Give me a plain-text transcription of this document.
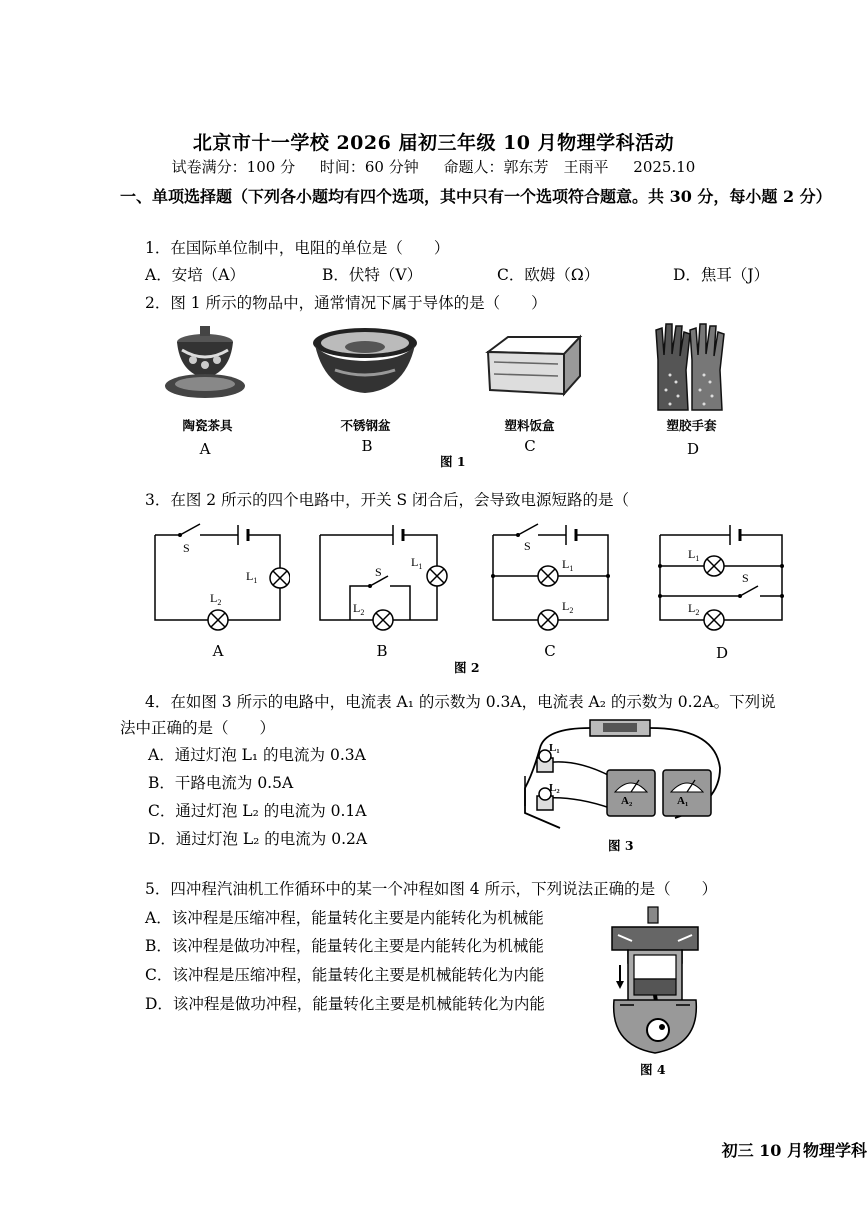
北京市十一学校 2026 届初三年级 10 月物理学科活动
试卷满分：100 分 时间：60 分钟 命题人：郭东芳　王雨平 2025.10
一、单项选择题（下列各小题均有四个选项，其中只有一个选项符合题意。共 30 分，每小题 2 分）
1．在国际单位制中，电阻的单位是（　　）
A．安培（A）	B．伏特（V）	C．欧姆（Ω）	D．焦耳（J）
2．图 1 所示的物品中，通常情况下属于导体的是（　　）
陶瓷茶具	不锈钢盆	塑料饭盒	塑胶手套
A	B	C	D
图 1
3．在图 2 所示的四个电路中，开关 S 闭合后，会导致电源短路的是（
S
$L_1$
$L_2$
S
$L_1$
$L_2$
S
$L_1$
$L_2$
$L_1$
S
$L_2$
A	B	C	D
图 2
4．在如图 3 所示的电路中，电流表 A₁ 的示数为 0.3A，电流表 A₂ 的示数为 0.2A。下列说
法中正确的是（　　）
A．通过灯泡 L₁ 的电流为 0.3A
B．干路电流为 0.5A
C．通过灯泡 L₂ 的电流为 0.1A
D．通过灯泡 L₂ 的电流为 0.2A
L₁
L₂
A₂	A₁
图 3
5．四冲程汽油机工作循环中的某一个冲程如图 4 所示，下列说法正确的是（　　）
A．该冲程是压缩冲程，能量转化主要是内能转化为机械能
B．该冲程是做功冲程，能量转化主要是内能转化为机械能
C．该冲程是压缩冲程，能量转化主要是机械能转化为内能
D．该冲程是做功冲程，能量转化主要是机械能转化为内能
图 4
初三 10 月物理学科
